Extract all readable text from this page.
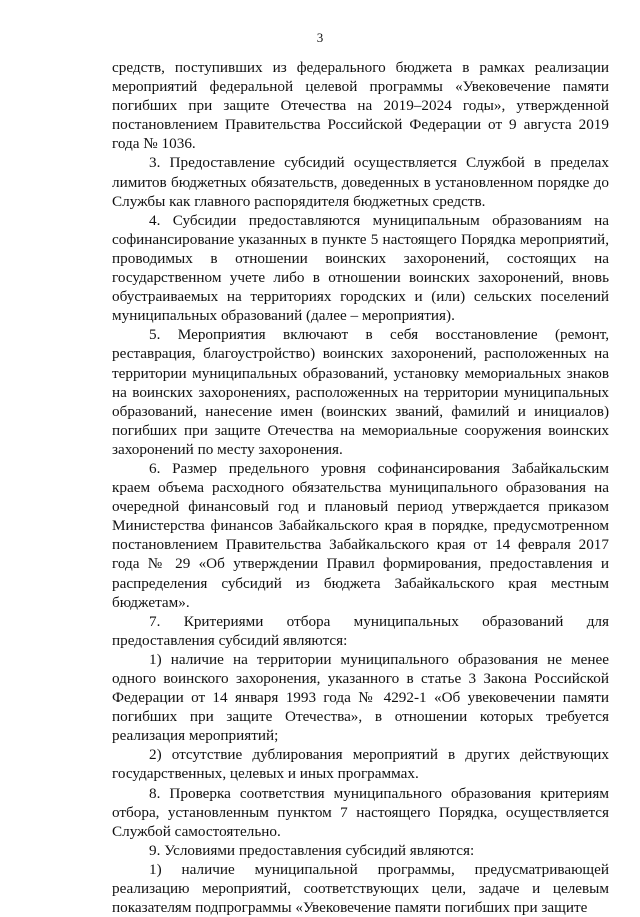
3

средств, поступивших из федерального бюджета в рамках реализации мероприятий федеральной целевой программы «Увековечение памяти погибших при защите Отечества на 2019–2024 годы», утвержденной постановлением Правительства Российской Федерации от 9 августа 2019 года № 1036.

3. Предоставление субсидий осуществляется Службой в пределах лимитов бюджетных обязательств, доведенных в установленном порядке до Службы как главного распорядителя бюджетных средств.

4. Субсидии предоставляются муниципальным образованиям на софинансирование указанных в пункте 5 настоящего Порядка мероприятий, проводимых в отношении воинских захоронений, состоящих на государственном учете либо в отношении воинских захоронений, вновь обустраиваемых на территориях городских и (или) сельских поселений муниципальных образований (далее – мероприятия).

5. Мероприятия включают в себя восстановление (ремонт, реставрация, благоустройство) воинских захоронений, расположенных на территории муниципальных образований, установку мемориальных знаков на воинских захоронениях, расположенных на территории муниципальных образований, нанесение имен (воинских званий, фамилий и инициалов) погибших при защите Отечества на мемориальные сооружения воинских захоронений по месту захоронения.

6. Размер предельного уровня софинансирования Забайкальским краем объема расходного обязательства муниципального образования на очередной финансовый год и плановый период утверждается приказом Министерства финансов Забайкальского края в порядке, предусмотренном постановлением Правительства Забайкальского края от 14 февраля 2017 года № 29 «Об утверждении Правил формирования, предоставления и распределения субсидий из бюджета Забайкальского края местным бюджетам».

7. Критериями отбора муниципальных образований для предоставления субсидий являются:

1) наличие на территории муниципального образования не менее одного воинского захоронения, указанного в статье 3 Закона Российской Федерации от 14 января 1993 года № 4292-1 «Об увековечении памяти погибших при защите Отечества», в отношении которых требуется реализация мероприятий;

2) отсутствие дублирования мероприятий в других действующих государственных, целевых и иных программах.

8. Проверка соответствия муниципального образования критериям отбора, установленным пунктом 7 настоящего Порядка, осуществляется Службой самостоятельно.

9. Условиями предоставления субсидий являются:

1) наличие муниципальной программы, предусматривающей реализацию мероприятий, соответствующих цели, задаче и целевым показателям подпрограммы «Увековечение памяти погибших при защите
